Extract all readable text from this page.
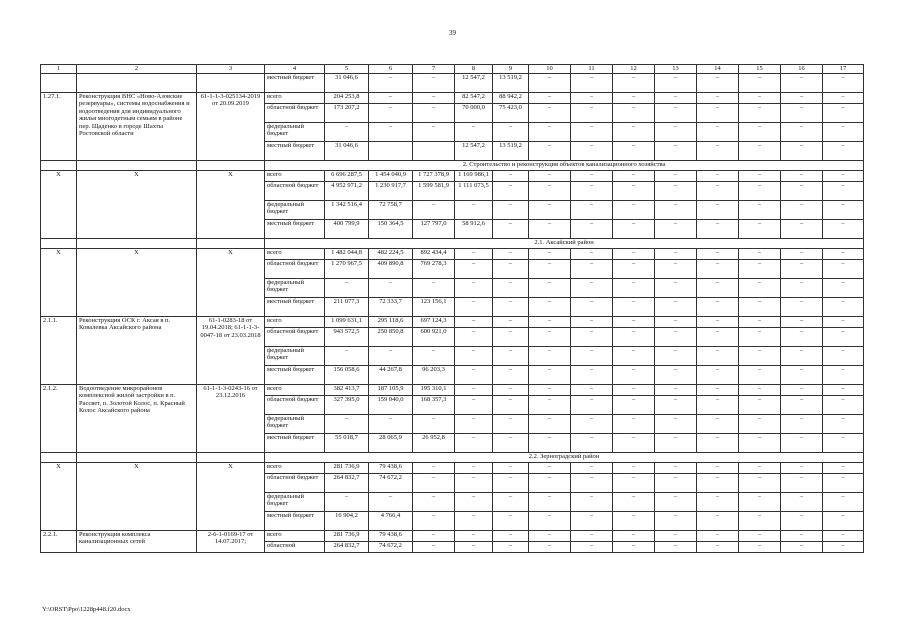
39
1	2	3	4	5	6	7	8	9	10	11	12	13	14	15	16	17
			местный бюджет	31 046,6	–	–	12 547,2	13 519,2	–	–	–	–	–	–	–	–
1.27.1.	Реконструкция ВНС «Ново-Азовские резервуары», системы водоснабжения и водоотведения для индивидуального жилья многодетным семьям в районе пер. Щаденко в городе Шахты Ростовской области	61-1-1-3-025134-2019 от 20.09.2019	всего	204 253,8	–	–	82 547,2	88 942,2	–	–	–	–	–	–	–	–
			областной бюджет	173 207,2	–	–	70 000,0	75 423,0	–	–	–	–	–	–	–	–
			федеральный бюджет	–	–	–	–	–	–	–	–	–	–	–	–	–
			местный бюджет	31 046,6			12 547,2	13 519,2	–	–	–	–	–	–	–	–
			2. Строительство и реконструкция объектов канализационного хозяйства													
Х	Х	Х	всего	6 696 287,5	1 454 040,9	1 727 378,9	1 169 986,1	–	–	–	–	–	–	–	–	–
			областной бюджет	4 952 971,2	1 230 917,7	1 599 581,9	1 111 073,5	–	–	–	–	–	–	–	–	–
			федеральный бюджет	1 342 516,4	72 758,7	–	–	–	–	–	–	–	–	–	–	–
			местный бюджет	400 799,9	150 364,5	127 797,0	58 912,6	–	–	–	–	–	–	–	–	–
			2.1. Аксайский район													
Х	Х	Х	всего	1 482 044,8	482 224,5	892 434,4	–	–	–	–	–	–	–	–	–	–
			областной бюджет	1 270 967,5	409 890,8	769 278,3	–	–	–	–	–	–	–	–	–	–
			федеральный бюджет	–	–	–	–	–	–	–	–	–	–	–	–	–
			местный бюджет	211 077,3	72 333,7	123 156,1	–	–	–	–	–	–	–	–	–	–
2.1.1.	Реконструкция ОСК г. Аксая в п. Ковалевка Аксайского района	61-1-0283-18 от 19.04.2018; 61-1-1-3-0047-18 от 23.03.2018	всего	1 099 631,1	295 118,6	697 124,3	–	–	–	–	–	–	–	–	–	–
			областной бюджет	943 572,5	250 850,8	600 921,0	–	–	–	–	–	–	–	–	–	–
			федеральный бюджет	–	–	–	–	–	–	–	–	–	–	–	–	–
			местный бюджет	156 058,6	44 267,8	96 203,3	–	–	–	–	–	–	–	–	–	–
2.1.2.	Водоотведение микрорайонов комплексной жилой застройки в п. Рассвет, п. Золотой Колос, п. Красный Колос Аксайского района	61-1-1-3-0243-16 от 23.12.2016	всего	382 413,7	187 105,9	195 310,1	–	–	–	–	–	–	–	–	–	–
			областной бюджет	327 395,0	159 040,0	168 357,3	–	–	–	–	–	–	–	–	–	–
			федеральный бюджет	–	–	–	–	–	–	–	–	–	–	–	–	–
			местный бюджет	55 018,7	28 065,9	26 952,8	–	–	–	–	–	–	–	–	–	–
			2.2. Зерноградский район													
Х	Х	Х	всего	281 736,9	79 438,6	–	–	–	–	–	–	–	–	–	–	–
			областной бюджет	264 832,7	74 672,2	–	–	–	–	–	–	–	–	–	–	–
			федеральный бюджет	–	–	–	–	–	–	–	–	–	–	–	–	–
			местный бюджет	16 904,2	4 766,4	–	–	–	–	–	–	–	–	–	–	–
2.2.1.	Реконструкция комплекса канализационных сетей	2-6-1-0169-17 от 14.07.2017;	всего	281 736,9	79 438,6	–	–	–	–	–	–	–	–	–	–	–
			областной	264 832,7	74 672,2	–	–	–	–	–	–	–	–	–	–	–
Y:\ORST\Ppo\1228p448.f20.docx
